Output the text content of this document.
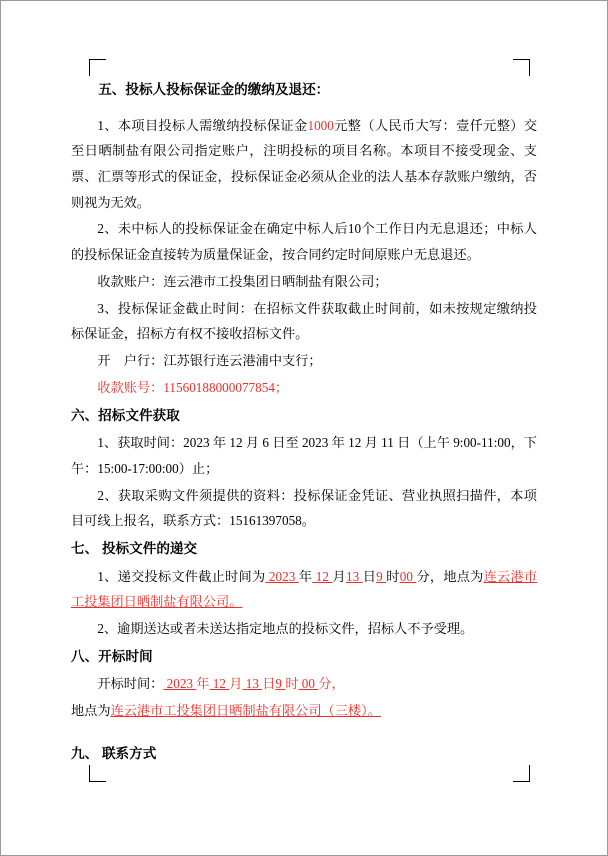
五、投标人投标保证金的缴纳及退还：

1、本项目投标人需缴纳投标保证金1000元整（人民币大写：壹仟元整）交至日晒制盐有限公司指定账户，注明投标的项目名称。本项目不接受现金、支票、汇票等形式的保证金，投标保证金必须从企业的法人基本存款账户缴纳，否则视为无效。

2、未中标人的投标保证金在确定中标人后10个工作日内无息退还；中标人的投标保证金直接转为质量保证金，按合同约定时间原账户无息退还。

收款账户：连云港市工投集团日晒制盐有限公司；

3、投标保证金截止时间：在招标文件获取截止时间前，如未按规定缴纳投标保证金，招标方有权不接收招标文件。

开　户行：江苏银行连云港浦中支行；

收款账号：11560188000077854；

六、招标文件获取

1、获取时间：2023 年 12 月 6 日至 2023 年 12 月 11 日（上午 9:00-11:00，下午：15:00-17:00:00）止；

2、获取采购文件须提供的资料：投标保证金凭证、营业执照扫描件，本项目可线上报名，联系方式：15161397058。

七、 投标文件的递交

1、递交投标文件截止时间为 2023 年 12 月13 日9 时00 分，地点为连云港市工投集团日晒制盐有限公司。

2、逾期送达或者未送达指定地点的投标文件，招标人不予受理。

八、开标时间

开标时间： 2023 年 12 月 13 日9 时 00 分，

地点为连云港市工投集团日晒制盐有限公司（三楼）。

九、 联系方式
